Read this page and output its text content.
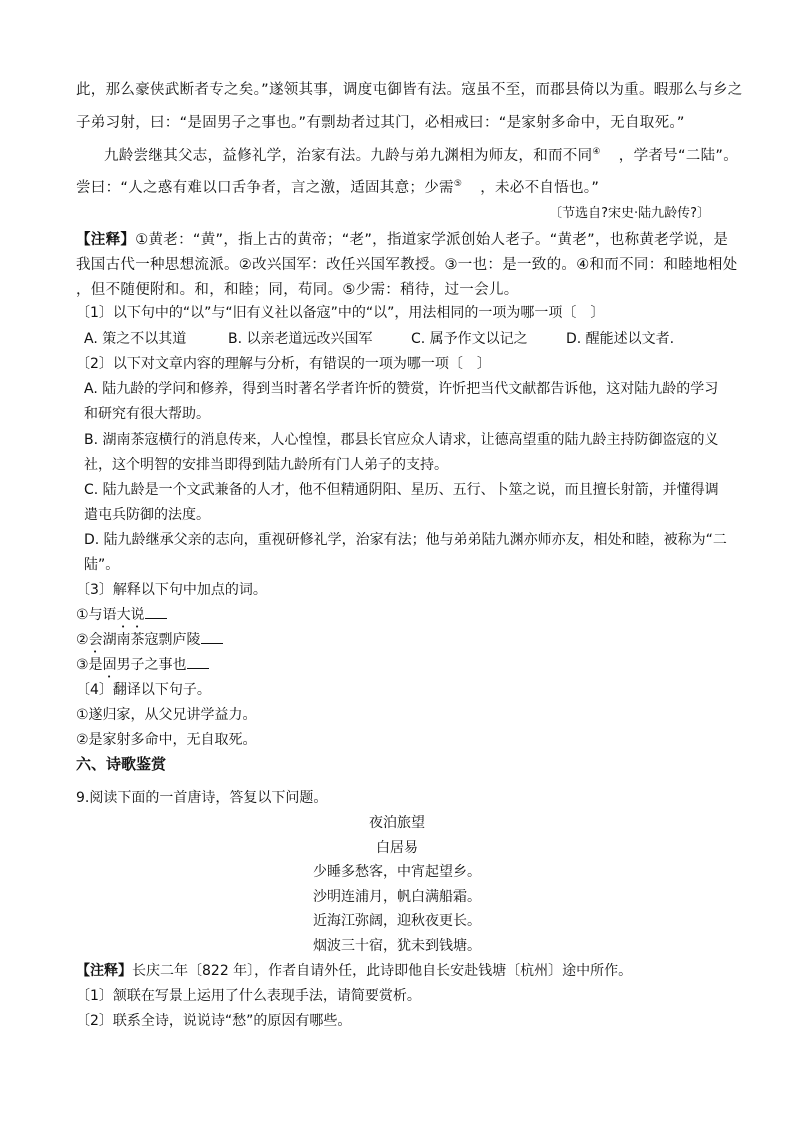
此，那么豪侠武断者专之矣。”遂领其事，调度屯御皆有法。寇虽不至，而郡县倚以为重。暇那么与乡之
子弟习射，曰：“是固男子之事也。”有剽劫者过其门，必相戒曰：“是家射多命中，无自取死。”
九龄尝继其父志，益修礼学，治家有法。九龄与弟九渊相为师友，和而不同④ ，学者号“二陆”。
尝曰：“人之惑有难以口舌争者，言之激，适固其意；少需⑤ ，未必不自悟也。”
〔节选自?宋史·陆九龄传?〕
【注释】①黄老：“黄”，指上古的黄帝；“老”，指道家学派创始人老子。“黄老”，也称黄老学说，是
我国古代一种思想流派。②改兴国军：改任兴国军教授。③一也：是一致的。④和而不同：和睦地相处
，但不随便附和。和，和睦；同，苟同。⑤少需：稍待，过一会儿。
〔1〕以下句中的“以”与“旧有义社以备寇”中的“以”，用法相同的一项为哪一项〔　〕
A. 策之不以其道	B. 以亲老道远改兴国军	C. 属予作文以记之	D. 醒能述以文者.
〔2〕以下对文章内容的理解与分析，有错误的一项为哪一项〔　〕
A. 陆九龄的学问和修养，得到当时著名学者许忻的赞赏，许忻把当代文献都告诉他，这对陆九龄的学习
和研究有很大帮助。
B. 湖南茶寇横行的消息传来，人心惶惶，郡县长官应众人请求，让德高望重的陆九龄主持防御盗寇的义
社，这个明智的安排当即得到陆九龄所有门人弟子的支持。
C. 陆九龄是一个文武兼备的人才，他不但精通阴阳、星历、五行、卜筮之说，而且擅长射箭，并懂得调
遣屯兵防御的法度。
D. 陆九龄继承父亲的志向，重视研修礼学，治家有法；他与弟弟陆九渊亦师亦友，相处和睦，被称为“二
陆”。
〔3〕解释以下句中加点的词。
①与语大说
②会湖南茶寇剽庐陵
③是固男子之事也
〔4〕翻译以下句子。
①遂归家，从父兄讲学益力。
②是家射多命中，无自取死。
六、诗歌鉴赏
9.阅读下面的一首唐诗，答复以下问题。
夜泊旅望
白居易
少睡多愁客，中宵起望乡。
沙明连浦月，帆白满船霜。
近海江弥阔，迎秋夜更长。
烟波三十宿，犹未到钱塘。
【注释】长庆二年〔822 年〕，作者自请外任，此诗即他自长安赴钱塘〔杭州〕途中所作。
〔1〕颔联在写景上运用了什么表现手法，请简要赏析。
〔2〕联系全诗，说说诗“愁”的原因有哪些。
